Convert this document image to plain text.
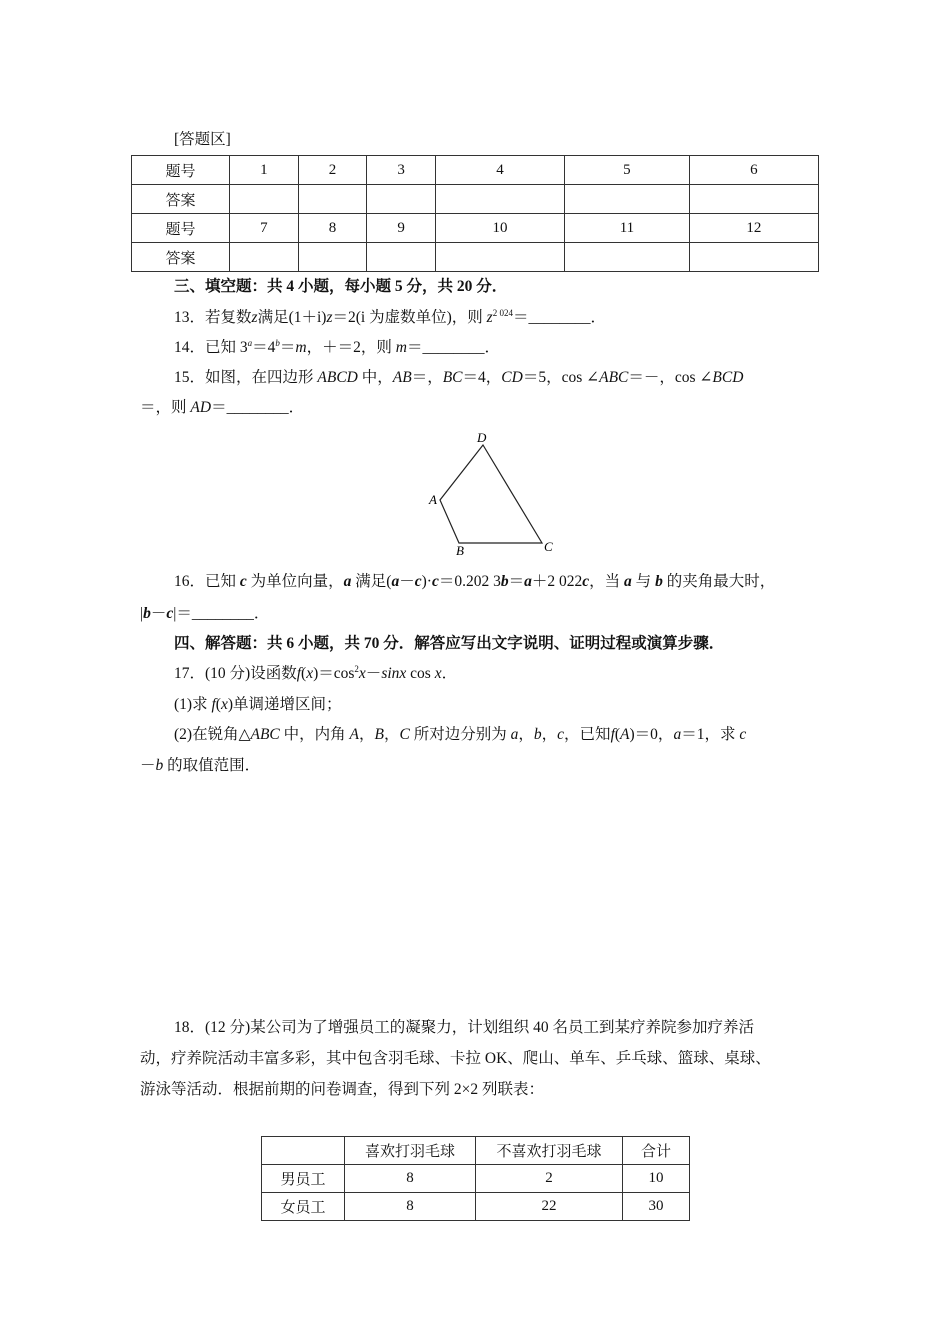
[答题区]
题号	1	2	3	4	5	6
答案						
题号	7	8	9	10	11	12
答案						
三、填空题：共 4 小题，每小题 5 分，共 20 分．
13．若复数z满足(1＋i)z＝2(i 为虚数单位)，则 $z^{2 024}=\_\_\_\_\_\_\_\_$．
14．已知 $3^a=4^b=m$，＋＝2，则 m＝________．
15．如图，在四边形 ABCD 中，AB＝，BC＝4，CD＝5，cos ∠ABC＝－，cos ∠BCD
＝，则 AD＝________．
D
A
B	C
16．已知 c 为单位向量，a 满足(a－c)·c＝0.202 3b＝a＋2 022c，当 a 与 b 的夹角最大时，
|b－c|＝________．
四、解答题：共 6 小题，共 70 分．解答应写出文字说明、证明过程或演算步骤．
17．(10 分)设函数$f(x)=\cos^2x-\sin x$ cos x．
(1)求 f(x)单调递增区间；
(2)在锐角△ABC 中，内角 A，B，C 所对边分别为 a，b，c，已知f(A)＝0，a＝1，求 c
－b 的取值范围．
18．(12 分)某公司为了增强员工的凝聚力，计划组织 40 名员工到某疗养院参加疗养活
动，疗养院活动丰富多彩，其中包含羽毛球、卡拉 OK、爬山、单车、乒乓球、篮球、桌球、
游泳等活动．根据前期的问卷调查，得到下列 2×2 列联表：
	喜欢打羽毛球	不喜欢打羽毛球	合计
男员工	8	2	10
女员工	8	22	30
